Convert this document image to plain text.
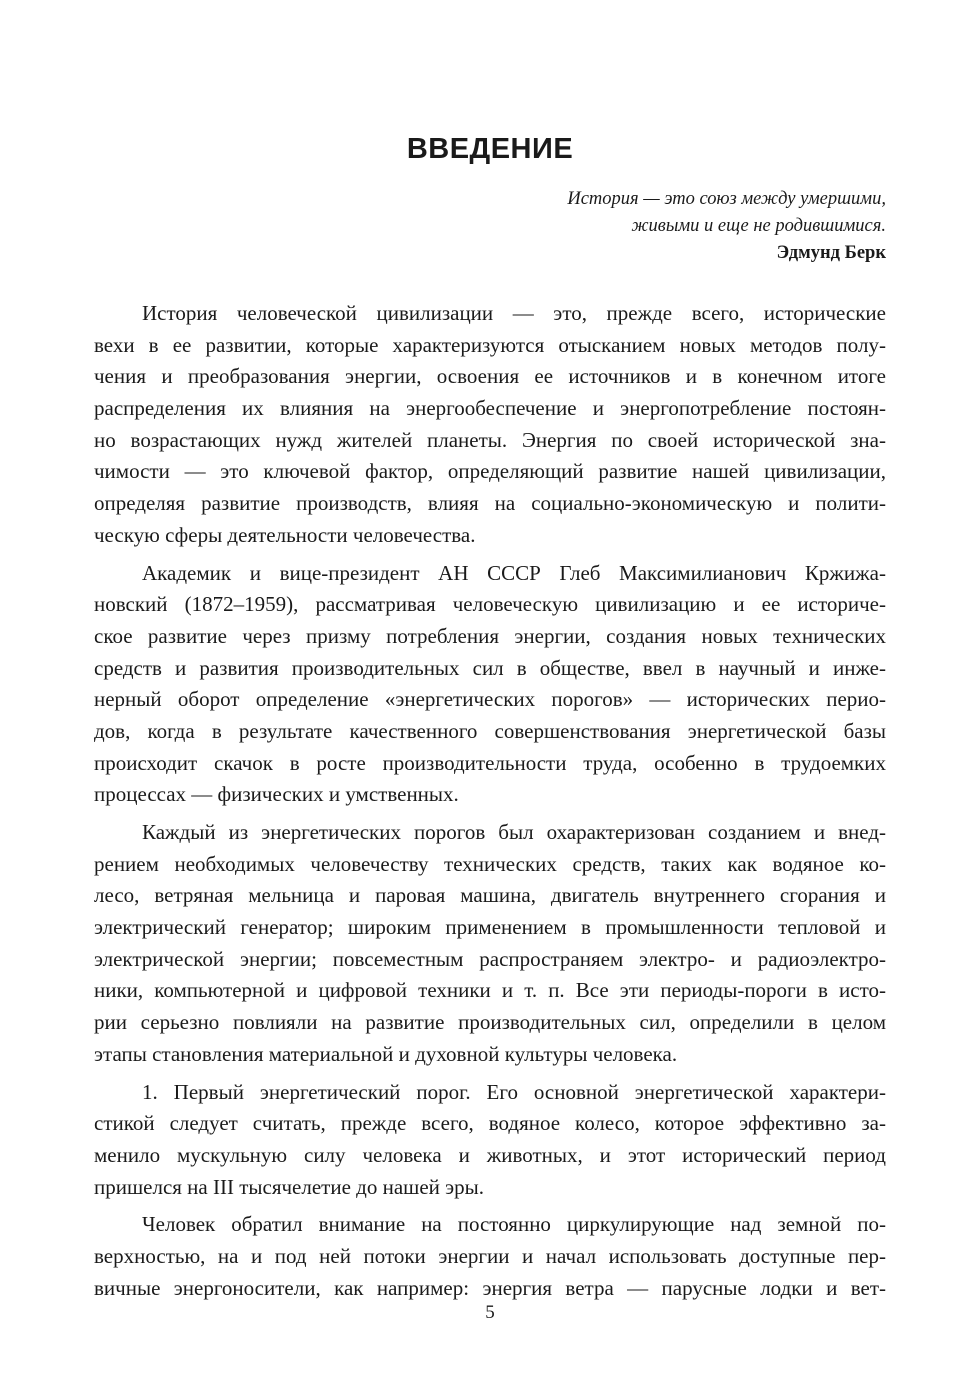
ВВЕДЕНИЕ
История — это союз между умершими,
живыми и еще не родившимися.
Эдмунд Берк

История человеческой цивилизации — это, прежде всего, исторические
вехи в ее развитии, которые характеризуются отысканием новых методов полу-
чения и преобразования энергии, освоения ее источников и в конечном итоге
распределения их влияния на энергообеспечение и энергопотребление постоян-
но возрастающих нужд жителей планеты. Энергия по своей исторической зна-
чимости — это ключевой фактор, определяющий развитие нашей цивилизации,
определяя развитие производств, влияя на социально-экономическую и полити-
ческую сферы деятельности человечества.

Академик и вице-президент АН СССР Глеб Максимилианович Кржижа-
новский (1872–1959), рассматривая человеческую цивилизацию и ее историче-
ское развитие через призму потребления энергии, создания новых технических
средств и развития производительных сил в обществе, ввел в научный и инже-
нерный оборот определение «энергетических порогов» — исторических перио-
дов, когда в результате качественного совершенствования энергетической базы
происходит скачок в росте производительности труда, особенно в трудоемких
процессах — физических и умственных.

Каждый из энергетических порогов был охарактеризован созданием и внед-
рением необходимых человечеству технических средств, таких как водяное ко-
лесо, ветряная мельница и паровая машина, двигатель внутреннего сгорания и
электрический генератор; широким применением в промышленности тепловой и
электрической энергии; повсеместным распространяем электро- и радиоэлектро-
ники, компьютерной и цифровой техники и т. п. Все эти периоды-пороги в исто-
рии серьезно повлияли на развитие производительных сил, определили в целом
этапы становления материальной и духовной культуры человека.

1. Первый энергетический порог. Его основной энергетической характери-
стикой следует считать, прежде всего, водяное колесо, которое эффективно за-
менило мускульную силу человека и животных, и этот исторический период
пришелся на III тысячелетие до нашей эры.

Человек обратил внимание на постоянно циркулирующие над земной по-
верхностью, на и под ней потоки энергии и начал использовать доступные пер-
вичные энергоносители, как например: энергия ветра — парусные лодки и вет-

5
